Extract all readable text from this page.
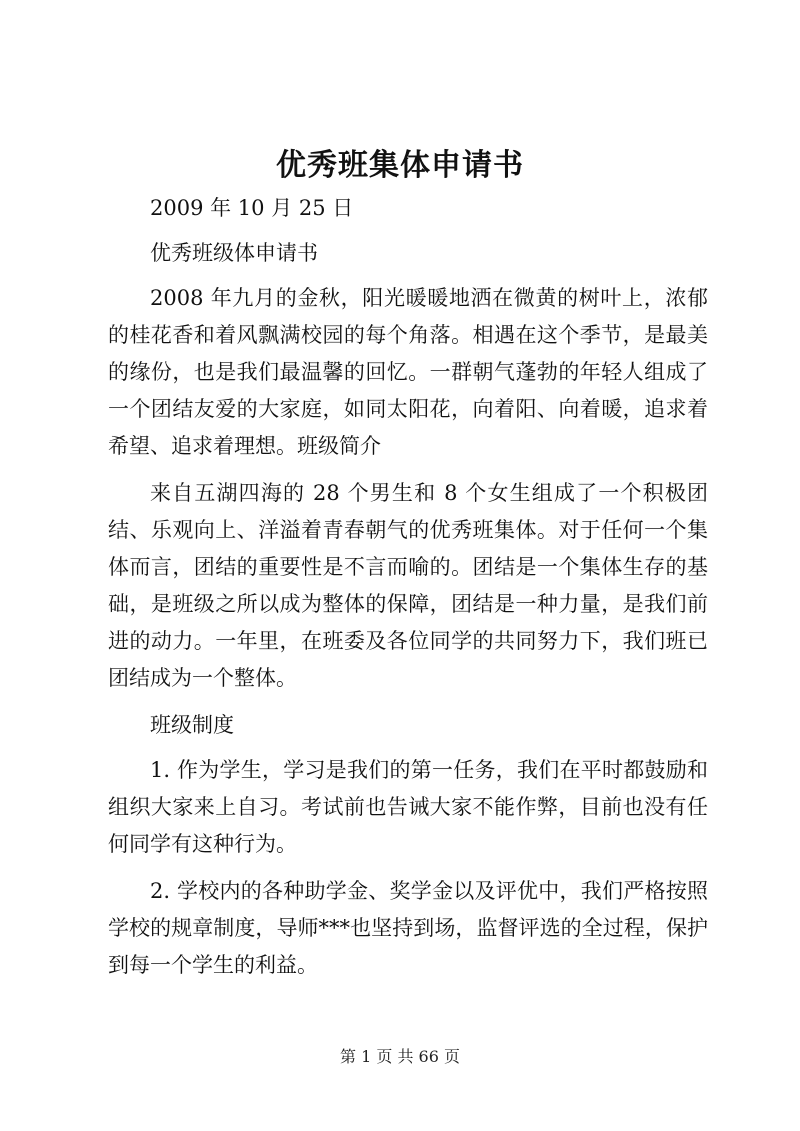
优秀班集体申请书

2009 年 10 月 25 日

优秀班级体申请书

2008 年九月的金秋，阳光暖暖地洒在微黄的树叶上，浓郁的桂花香和着风飘满校园的每个角落。相遇在这个季节，是最美的缘份，也是我们最温馨的回忆。一群朝气蓬勃的年轻人组成了一个团结友爱的大家庭，如同太阳花，向着阳、向着暖，追求着希望、追求着理想。班级简介

来自五湖四海的 28 个男生和 8 个女生组成了一个积极团结、乐观向上、洋溢着青春朝气的优秀班集体。对于任何一个集体而言，团结的重要性是不言而喻的。团结是一个集体生存的基础，是班级之所以成为整体的保障，团结是一种力量，是我们前进的动力。一年里，在班委及各位同学的共同努力下，我们班已团结成为一个整体。

班级制度

1. 作为学生，学习是我们的第一任务，我们在平时都鼓励和组织大家来上自习。考试前也告诫大家不能作弊，目前也没有任何同学有这种行为。

2. 学校内的各种助学金、奖学金以及评优中，我们严格按照学校的规章制度，导师***也坚持到场，监督评选的全过程，保护到每一个学生的利益。

第 1 页 共 66 页
